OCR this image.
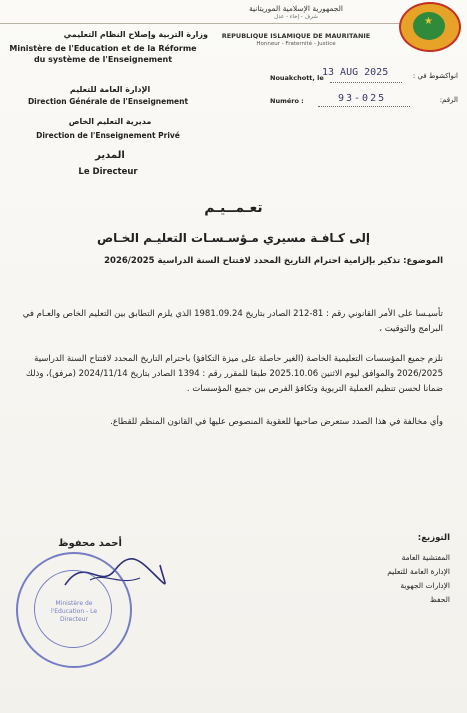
الجمهورية الإسلامية الموريتانية
شرف - إخاء - عدل
REPUBLIQUE ISLAMIQUE DE MAURITANIE
Honneur - Fraternité - Justice
★
وزارة التربية وإصلاح النظام التعليمي
Ministère de l'Education et de la Réforme du système de l'Enseignement
Nouakchott, le
13 AUG 2025	انواكشوط في :
Numéro :	93-025	الرقم:
الإدارة العامة للتعليم
Direction Générale de l'Enseignement
مديرية التعليم الخاص
Direction de l'Enseignement Privé
المدير
Le Directeur
تعـمــيـم
إلى كـافـة مسيري مـؤسـسـات التعليـم الخـاص
الموضوع: تذكير بإلزامية احترام التاريخ المحدد لافتتاح السنة الدراسية 2026/2025
تأسيـسا على الأمر القانوني رقم : 81-212 الصادر بتاريخ 1981.09.24 الذي يلزم التطابق بين التعليم الخاص والعـام في البرامج والتوقيت ،
نلزم جميع المؤسسات التعليمية الخاصة (الغير حاصلة على ميزة التكافؤ) باحترام التاريخ المحدد لافتتاح السنة الدراسية 2026/2025 والموافق ليوم الاثنين 2025.10.06 طبقا للمقرر رقم : 1394 الصادر بتاريخ 2024/11/14 (مرفق)، وذلك ضمانا لحسن تنظيم العملية التربوية وتكافؤ الفرص بين جميع المؤسسات .
وأي مخالفة في هذا الصدد ستعرض صاحبها للعقوبة المنصوص عليها في القانون المنظم للقطاع.
أحمد محفوظ
Ministère de l'Education - Le Directeur
التوزيع:
المفتشية العامة
الإدارة العامة للتعليم
الإدارات الجهوية
الحفظ
